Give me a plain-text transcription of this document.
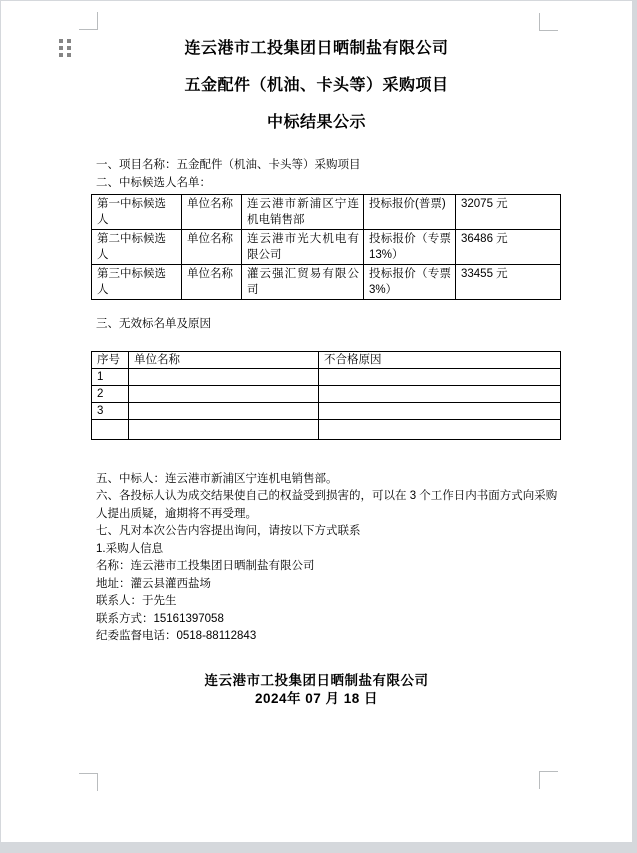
连云港市工投集团日晒制盐有限公司
五金配件（机油、卡头等）采购项目
中标结果公示
一、项目名称：五金配件（机油、卡头等）采购项目
二、中标候选人名单：
第一中标候选人	单位名称	连云港市新浦区宁连机电销售部	投标报价(普票)	32075 元
第二中标候选人	单位名称	连云港市光大机电有限公司	投标报价（专票13%）	36486 元
第三中标候选人	单位名称	灌云强汇贸易有限公司	投标报价（专票3%）	33455 元
三、无效标名单及原因
序号	单位名称	不合格原因
1		
2		
3		

五、中标人：连云港市新浦区宁连机电销售部。
六、各投标人认为成交结果使自己的权益受到损害的，可以在 3 个工作日内书面方式向采购人提出质疑，逾期将不再受理。
七、凡对本次公告内容提出询问，请按以下方式联系
1.采购人信息
名称：连云港市工投集团日晒制盐有限公司
地址：灌云县灌西盐场
联系人：于先生
联系方式：15161397058
纪委监督电话：0518-88112843
连云港市工投集团日晒制盐有限公司
2024年 07 月 18 日
